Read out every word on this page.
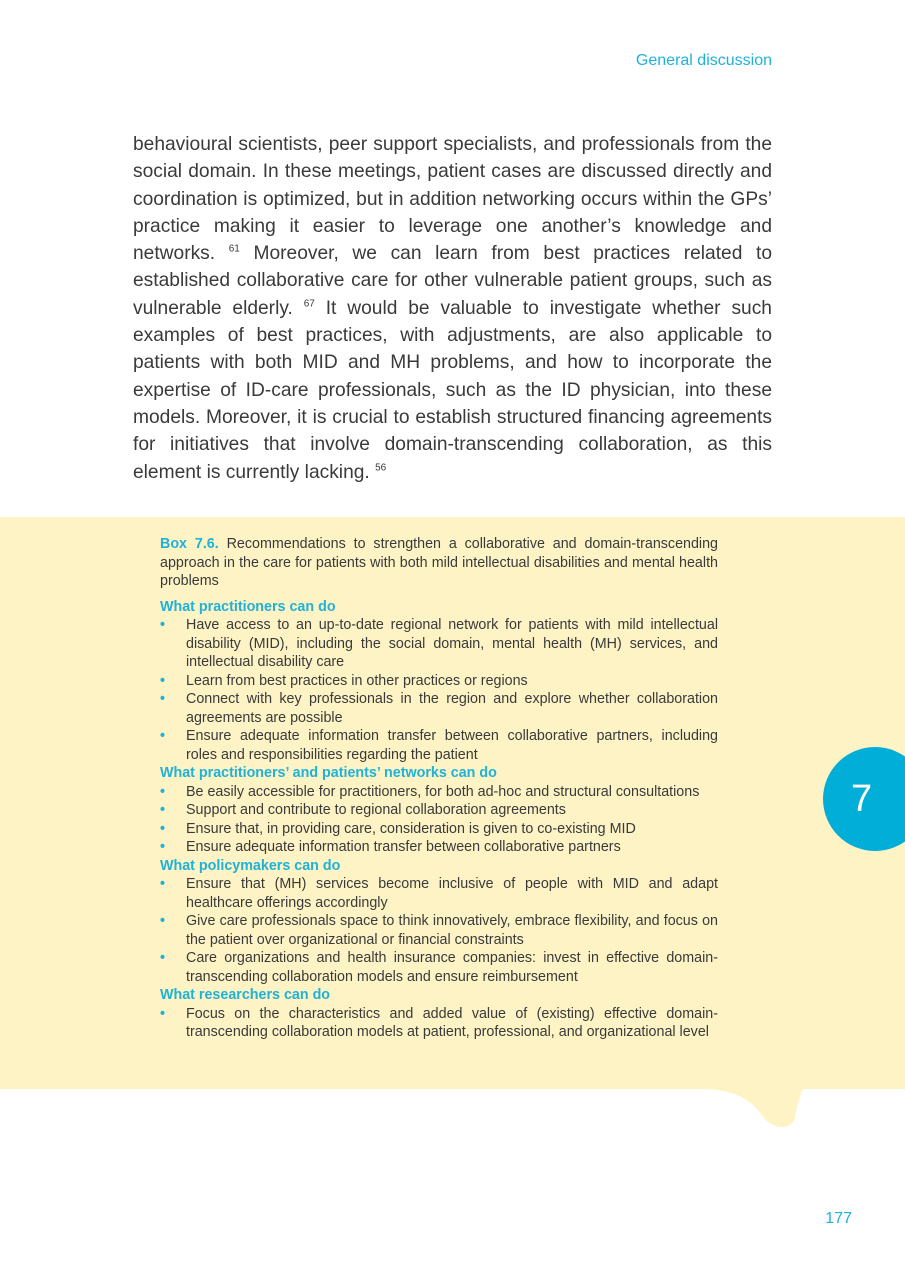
General discussion

behavioural scientists, peer support specialists, and professionals from the social domain. In these meetings, patient cases are discussed directly and coordination is optimized, but in addition networking occurs within the GPs’ practice making it easier to leverage one another’s knowledge and networks. $^{61}$ Moreover, we can learn from best practices related to established collaborative care for other vulnerable patient groups, such as vulnerable elderly. $^{67}$ It would be valuable to investigate whether such examples of best practices, with adjustments, are also applicable to patients with both MID and MH problems, and how to incorporate the expertise of ID-care professionals, such as the ID physician, into these models. Moreover, it is crucial to establish structured financing agreements for initiatives that involve domain-transcending collaboration, as this element is currently lacking. $^{56}$

Box 7.6. Recommendations to strengthen a collaborative and domain-transcending approach in the care for patients with both mild intellectual disabilities and mental health problems

What practitioners can do

• Have access to an up-to-date regional network for patients with mild intellectual disability (MID), including the social domain, mental health (MH) services, and intellectual disability care
• Learn from best practices in other practices or regions
• Connect with key professionals in the region and explore whether collaboration agreements are possible
• Ensure adequate information transfer between collaborative partners, including roles and responsibilities regarding the patient

What practitioners’ and patients’ networks can do

• Be easily accessible for practitioners, for both ad-hoc and structural consultations
• Support and contribute to regional collaboration agreements
• Ensure that, in providing care, consideration is given to co-existing MID
• Ensure adequate information transfer between collaborative partners

What policymakers can do

• Ensure that (MH) services become inclusive of people with MID and adapt healthcare offerings accordingly
• Give care professionals space to think innovatively, embrace flexibility, and focus on the patient over organizational or financial constraints
• Care organizations and health insurance companies: invest in effective domain-transcending collaboration models and ensure reimbursement

What researchers can do

• Focus on the characteristics and added value of (existing) effective domain-transcending collaboration models at patient, professional, and organizational level
7
177
